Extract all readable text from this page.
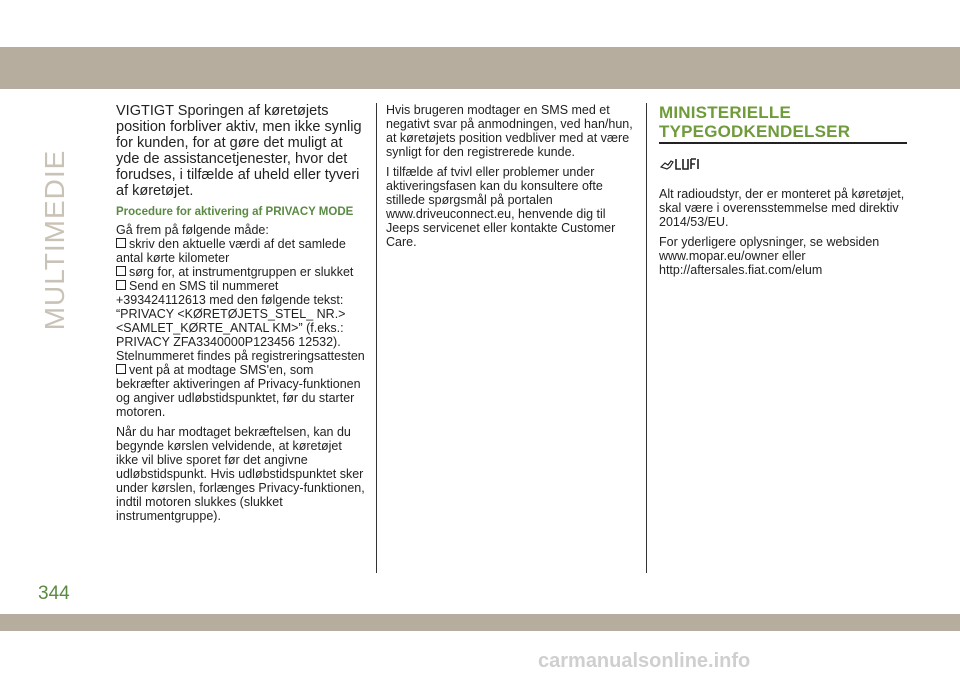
MULTIMEDIE

VIGTIGT Sporingen af køretøjets position forbliver aktiv, men ikke synlig for kunden, for at gøre det muligt at yde de assistancetjenester, hvor det forudses, i tilfælde af uheld eller tyveri af køretøjet.

Procedure for aktivering af PRIVACY MODE

Gå frem på følgende måde:

skriv den aktuelle værdi af det samlede antal kørte kilometer
sørg for, at instrumentgruppen er slukket
Send en SMS til nummeret +393424112613 med den følgende tekst: “PRIVACY <KØRETØJETS_STEL_ NR.> <SAMLET_KØRTE_ANTAL KM>” (f.eks.: PRIVACY ZFA3340000P123456 12532). Stelnummeret findes på registreringsattesten
vent på at modtage SMS'en, som bekræfter aktiveringen af Privacy-funktionen og angiver udløbstidspunktet, før du starter motoren.

Når du har modtaget bekræftelsen, kan du begynde kørslen velvidende, at køretøjet ikke vil blive sporet før det angivne udløbstidspunkt. Hvis udløbstidspunktet sker under kørslen, forlænges Privacy-funktionen, indtil motoren slukkes (slukket instrumentgruppe).

Hvis brugeren modtager en SMS med et negativt svar på anmodningen, ved han/hun, at køretøjets position vedbliver med at være synligt for den registrerede kunde.

I tilfælde af tvivl eller problemer under aktiveringsfasen kan du konsultere ofte stillede spørgsmål på portalen www.driveuconnect.eu, henvende dig til Jeeps servicenet eller kontakte Customer Care.

MINISTERIELLE
TYPEGODKENDELSER

Alt radioudstyr, der er monteret på køretøjet, skal være i overensstemmelse med direktiv 2014/53/EU.

For yderligere oplysninger, se websiden www.mopar.eu/owner eller http://aftersales.fiat.com/elum

344
carmanualsonline.info
